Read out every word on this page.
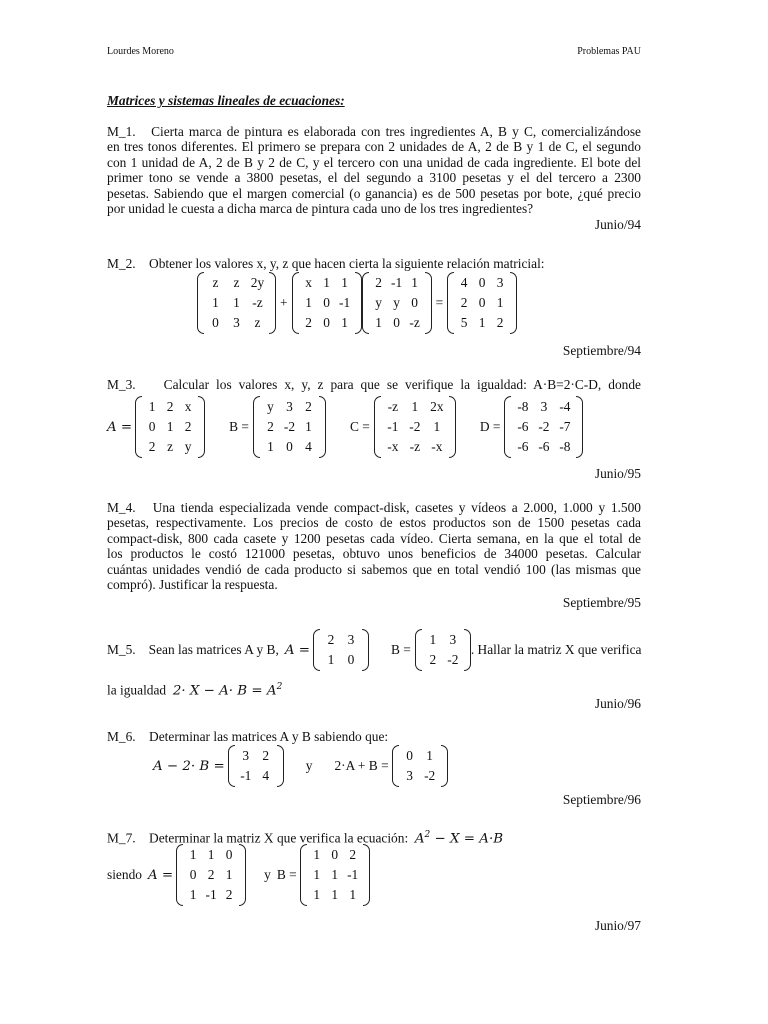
Lourdes Moreno	Problemas PAU
Matrices y sistemas lineales de ecuaciones:
M_1. Cierta marca de pintura es elaborada con tres ingredientes A, B y C, comercializándose
en tres tonos diferentes. El primero se prepara con 2 unidades de A, 2 de B y 1 de C, el segundo
con 1 unidad de A, 2 de B y 2 de C, y el tercero con una unidad de cada ingrediente. El bote del
primer tono se vende a 3800 pesetas, el del segundo a 3100 pesetas y el del tercero a 2300
pesetas. Sabiendo que el margen comercial (o ganancia) es de 500 pesetas por bote, ¿qué precio
por unidad le cuesta a dicha marca de pintura cada uno de los tres ingredientes?
Junio/94
M_2. Obtener los valores x, y, z que hacen cierta la siguiente relación matricial:
z	z 2y
1	1 -z
0	3	z
+
x 1 1
1 0 -1
2 0 1
2 -1 1
y y 0
1 0 -z
=
4 0 3
2 0 1
5 1 2
Septiembre/94
M_3. Calcular los valores x, y, z para que se verifique la igualdad: A·B=2·C-D, donde
A =
1 2 x
0 1 2
2 z y
B =
y 3 2
2 -2 1
1 0 4
C =
-z	1 2x
-1 -2 1
-x -z -x
D =
-8 3 -4
-6 -2 -7
-6 -6 -8
Junio/95
M_4. Una tienda especializada vende compact-disk, casetes y vídeos a 2.000, 1.000 y 1.500
pesetas, respectivamente. Los precios de costo de estos productos son de 1500 pesetas cada
compact-disk, 800 cada casete y 1200 pesetas cada vídeo. Cierta semana, en la que el total de
los productos le costó 121000 pesetas, obtuvo unos beneficios de 34000 pesetas. Calcular
cuántas unidades vendió de cada producto si sabemos que en total vendió 100 (las mismas que
compró). Justificar la respuesta.
Septiembre/95
M_5. Sean las matrices A y B, A =
2 3
1 0
B =
1 3
2 -2
. Hallar la matriz X que verifica
la igualdad $2\cdot X - A\cdot B = A^2$
Junio/96
M_6. Determinar las matrices A y B sabiendo que:
A − 2· B =
3 2
-1 4
y	2·A + B =
0 1
3 -2
Septiembre/96
M_7. Determinar la matriz X que verifica la ecuación: $A^2 - X = A\cdot B$
siendo A =
1 1 0
0 2 1
1 -1 2
y B =
1 0 2
1 1 -1
1 1 1
Junio/97
